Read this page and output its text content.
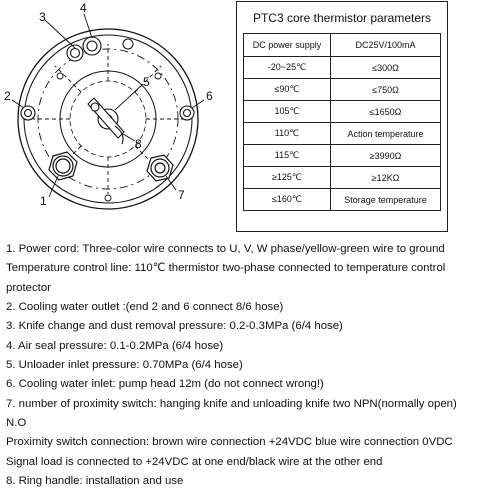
3
4
2	6
5
8
1	7
PTC3 core thermistor parameters
DC power supply	DC25V/100mA
-20~25℃	≤300Ω
≤90℃	≤750Ω
105℃	≤1650Ω
110℃	Action temperature
115℃	≥3990Ω
≥125℃	≥12KΩ
≤160℃	Storage temperature
1. Power cord: Three-color wire connects to U, V, W phase/yellow-green wire to ground
Temperature control line: 110℃ thermistor two-phase connected to temperature control
protector
2. Cooling water outlet :(end 2 and 6 connect 8/6 hose)
3. Knife change and dust removal pressure: 0.2-0.3MPa (6/4 hose)
4. Air seal pressure: 0.1-0.2MPa (6/4 hose)
5. Unloader inlet pressure: 0.70MPa (6/4 hose)
6. Cooling water inlet: pump head 12m (do not connect wrong!)
7. number of proximity switch: hanging knife and unloading knife two NPN(normally open)
N.O
Proximity switch connection: brown wire connection +24VDC blue wire connection 0VDC
Signal load is connected to +24VDC at one end/black wire at the other end
8. Ring handle: installation and use
